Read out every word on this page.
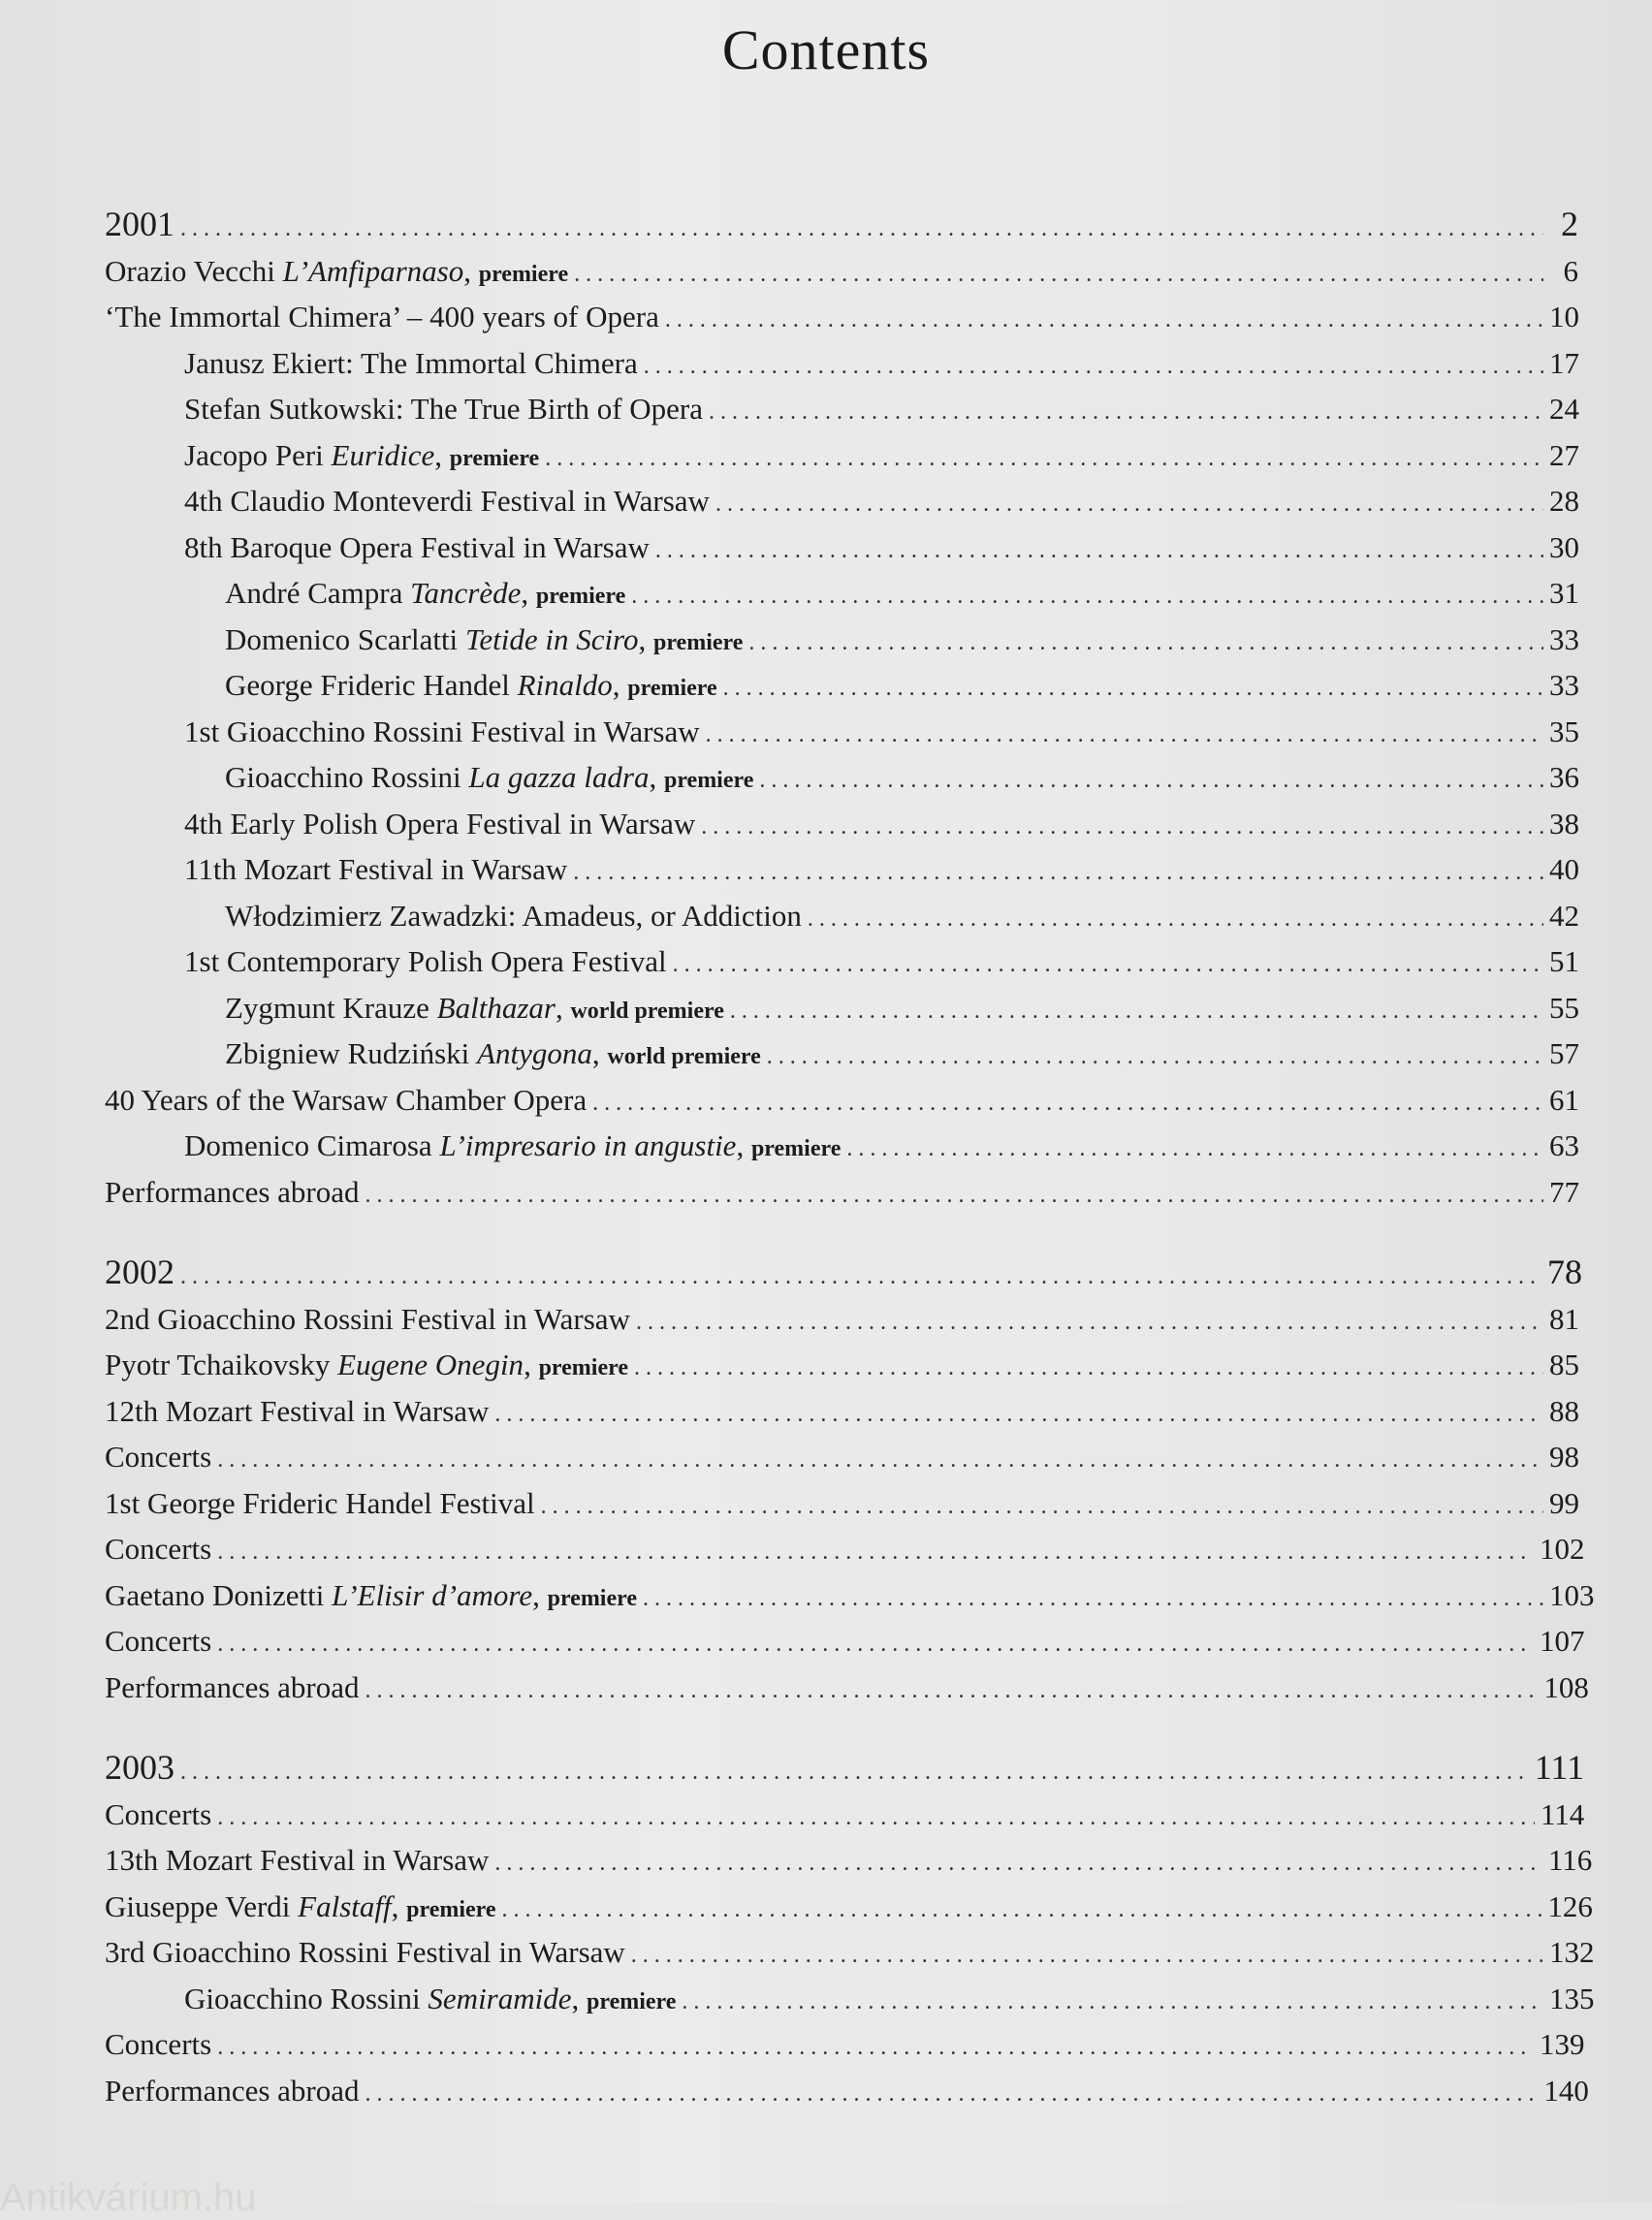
Contents
2001 . . .	2
Orazio Vecchi L’Amfiparnaso, premiere . . .	6
‘The Immortal Chimera’ – 400 years of Opera . . .	10
Janusz Ekiert: The Immortal Chimera . . .	17
Stefan Sutkowski: The True Birth of Opera . . .	24
Jacopo Peri Euridice, premiere . . .	27
4th Claudio Monteverdi Festival in Warsaw . . .	28
8th Baroque Opera Festival in Warsaw . . .	30
André Campra Tancrède, premiere . . .	31
Domenico Scarlatti Tetide in Sciro, premiere . . .	33
George Frideric Handel Rinaldo, premiere . . .	33
1st Gioacchino Rossini Festival in Warsaw . . .	35
Gioacchino Rossini La gazza ladra, premiere . . .	36
4th Early Polish Opera Festival in Warsaw . . .	38
11th Mozart Festival in Warsaw . . .	40
Włodzimierz Zawadzki: Amadeus, or Addiction . . .	42
1st Contemporary Polish Opera Festival . . .	51
Zygmunt Krauze Balthazar, world premiere . . .	55
Zbigniew Rudziński Antygona, world premiere . . .	57
40 Years of the Warsaw Chamber Opera . . .	61
Domenico Cimarosa L’impresario in angustie, premiere . . .	63
Performances abroad . . .	77
2002 . . .	78
2nd Gioacchino Rossini Festival in Warsaw . . .	81
Pyotr Tchaikovsky Eugene Onegin, premiere . . .	85
12th Mozart Festival in Warsaw . . .	88
Concerts . . .	98
1st George Frideric Handel Festival . . .	99
Concerts . . .	102
Gaetano Donizetti L’Elisir d’amore, premiere . . .	103
Concerts . . .	107
Performances abroad . . .	108
2003 . . .	111
Concerts . . .	114
13th Mozart Festival in Warsaw . . .	116
Giuseppe Verdi Falstaff, premiere . . .	126
3rd Gioacchino Rossini Festival in Warsaw . . .	132
Gioacchino Rossini Semiramide, premiere . . .	135
Concerts . . .	139
Performances abroad . . .	140
Antikvárium.hu
